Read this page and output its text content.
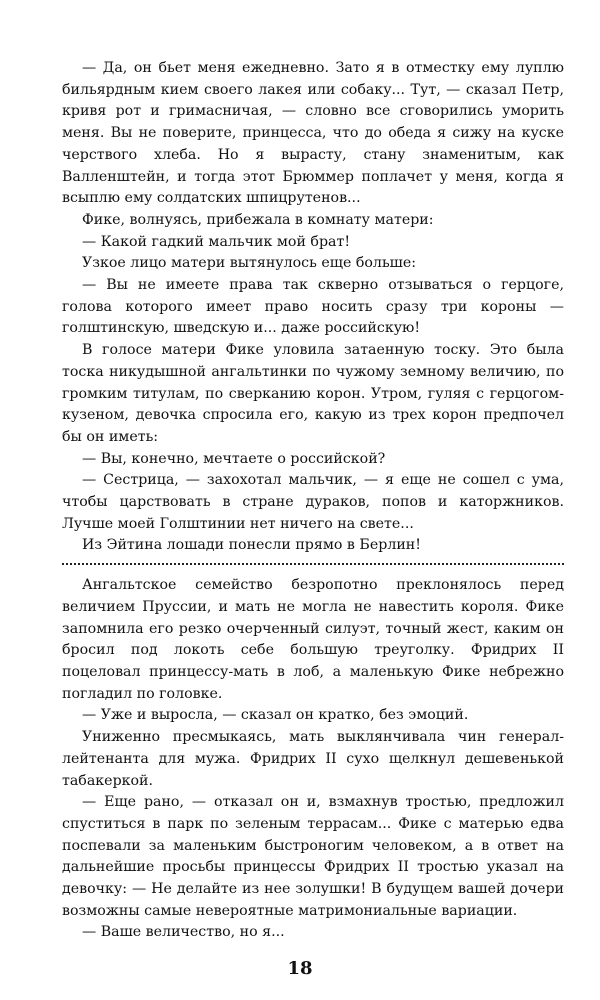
— Да, он бьет меня ежедневно. Зато я в отместку ему луплю бильярдным кием своего лакея или собаку... Тут, — сказал Петр, кривя рот и гримасничая, — словно все сговорились уморить меня. Вы не поверите, принцесса, что до обеда я сижу на куске черствого хлеба. Но я вырасту, стану знаменитым, как Валленштейн, и тогда этот Брюммер поплачет у меня, когда я всыплю ему солдатских шпицрутенов...

Фике, волнуясь, прибежала в комнату матери:

— Какой гадкий мальчик мой брат!

Узкое лицо матери вытянулось еще больше:

— Вы не имеете права так скверно отзываться о герцоге, голова которого имеет право носить сразу три короны — голштинскую, шведскую и... даже российскую!

В голосе матери Фике уловила затаенную тоску. Это была тоска никудышной ангальтинки по чужому земному величию, по громким титулам, по сверканию корон. Утром, гуляя с герцогом-кузеном, девочка спросила его, какую из трех корон предпочел бы он иметь:

— Вы, конечно, мечтаете о российской?

— Сестрица, — захохотал мальчик, — я еще не сошел с ума, чтобы царствовать в стране дураков, попов и каторжников. Лучше моей Голштинии нет ничего на свете...

Из Эйтина лошади понесли прямо в Берлин!

Ангальтское семейство безропотно преклонялось перед величием Пруссии, и мать не могла не навестить короля. Фике запомнила его резко очерченный силуэт, точный жест, каким он бросил под локоть себе большую треуголку. Фридрих II поцеловал принцессу-мать в лоб, а маленькую Фике небрежно погладил по головке.

— Уже и выросла, — сказал он кратко, без эмоций.

Униженно пресмыкаясь, мать выклянчивала чин генерал-лейтенанта для мужа. Фридрих II сухо щелкнул дешевенькой табакеркой.

— Еще рано, — отказал он и, взмахнув тростью, предложил спуститься в парк по зеленым террасам... Фике с матерью едва поспевали за маленьким быстроногим человеком, а в ответ на дальнейшие просьбы принцессы Фридрих II тростью указал на девочку: — Не делайте из нее золушки! В будущем вашей дочери возможны самые невероятные матримониальные вариации.

— Ваше величество, но я...

18
